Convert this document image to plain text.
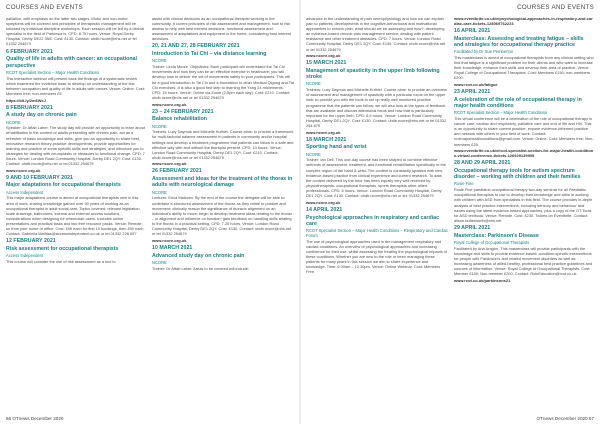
COURSES AND EVENTS	COURSES AND EVENTS

palliative, with emphasis on the latter two stages. Motor and non-motor symptoms will be covered and principles of therapeutic management will be followed by individual discipline workshops. Each session will be led by a clinical specialist in the field of Parkinson's. CPD: 8.75 hours. Venue: Royal Derby Hospital, Derby DE22 3NE. Cost: £130. Contact: uhdb.ncore@nhs.net or tel 01332 254679

6 FEBRUARY 2021

Quality of life in adults with cancer: an occupational perspective

RCOT Specialist Section – Major Health Conditions

This interactive webinar will present back the findings of a systematic review which examined the evidence base to develop an understanding of the link between occupation and quality of life in adults with cancer. Venue: Online. Cost: Members free; non-members £5.

https://bit.ly/2m6WcJ

8 FEBRUARY 2021

A study day on chronic pain

NCORE

Speaker: Dr Aftab Laher. The study day will provide an opportunity to learn about rehabilitation in the context of adults presenting with chronic pain, act as a refresher of basic knowledge and skills, give you an opportunity to share best, innovative research theory-practice developments, provide opportunities for learning and practice of some specific skills and strategies, and introduce you to strategies for dealing with neuroplastic or obstacles to functional change. CPD: 7 hours. Venue: London Road Community Hospital, Derby DE1 2QY. Cost: £130. Contact: uhdb.ncore@nhs.net or tel 01332 254679

www.ncore.org.uk

9 AND 10 FEBRUARY 2021

Major adaptations for occupational therapists

Access Independent

This major adaptations course is aimed at occupational therapists new in this area of work, sharing knowledge gained over 30 years of working as an occupational therapist in adult social care. Topics covered: relevant legislation, scale drawings, bathrooms, internal and external access solutions, considerations when designing for wheelchair users. Includes online presentations and practical tasks and two free resource packs. Venue: Remote, so from your home or office. Cost: £99 each for first 10 bookings, then £90 each. Contact: Gabriella.Mathias@accessindependent.co.uk or tel 01332 228 097

12 FEBRUARY 2021

Risk assessment for occupational therapists

Access Independent

This course will consider the use of risk assessment as a tool to

assist with clinical decisions as an occupational therapist working in the community. It covers principles of risk assessment and management, how to risk assess to help with best interest decisions, functional assessment and assessment of adaptations and equipment in the home, considering best interest decisions.

20, 21 AND 27, 28 FEBRUARY 2021

Introduction to Tai Chi – via distance learning

NCORE

Trainer: Linda Moore. Objectives: Each participant will understand the Tai Chi movements and how they can be an effective exercise in healthcare; you will develop how to deliver the set of movements safely to your participants. This will be a good introduction to Tai Chi and a foundation to other Medical Qigong and Tai Chi exercises. It is also a good first step to learning the Yang 24 movements. CPD: 15 hours. Venue: Online via Zoom (2-5pm each day). Cost: £210. Contact: uhdb.ncore@nhs.net or tel 01332 254679

www.ncore.org.uk

23 – 24 FEBRUARY 2021

Balance rehabilitation

NCORE

Trainers: Lucy Daymus and Michelle Kuthiel. Course aims: to provide a framework for multi-factorial balance assessment in patients in community and/or hospital settings and develop a treatment programme that patients can follow in a safe and effective way with and without the therapist present. CPD: 14 hours. Venue: London Road Community Hospital, Derby DE1 2QY. Cost: £210. Contact: uhdb.ncore@nhs.net or tel 01332 254679

www.ncore.org.uk

26 FEBRUARY 2021

Assessment and ideas for the treatment of the thorax in adults with neurological damage

NCORE

Lecturer: Erica Malcolm. By the end of the course the delegate will be able to: undertake a structured assessment of the thorax as they relate to posture and movement; clinically reason the significance of thoracic alignment on an individual's ability to move; begin to develop treatment ideas relating to the thorax – in alignment and influence on function; gain feedback on handling skills relating to the thorax in a practical setting. CPD: 7.25 hours. Venue: London Road Community Hospital, Derby DE1 2QY. Cost: £130. Contact: uhdb.ncore@nhs.net or tel 01332 254679

www.ncore.org.uk

10 MARCH 2021

Advanced study day on chronic pain

NCORE

Trainer: Dr Aftab Laher. Areas to be covered will include:

advances in the understanding of pain neurophysiology and how we can explain pain to patients; developments in the cognitive-behavioural and motivational approaches to chronic pain; what should we be assessing and how?; developing an evidence-based chronic pain management service; dealing with patient resistance and other treatment obstacles. CPD: 7 hours. Venue: London Road Community Hospital, Derby DE1 2QY. Cost: £130. Contact: uhdb.ncore@nhs.net or tel 01332 254679

www.ncore.org.uk

15 MARCH 2021

Management of spasticity in the upper limb following stroke

NCORE

Trainers: Lucy Daymus and Michelle Kuthiel. Course aims: to provide an overview of assessment and management of spasticity with a particular focus on the upper limb; to provide you with the tools to set up really well monitored practice programme that the patients can follow; we will also look at the types of feedback that are available and discuss attentional focus and how that is particularly important for the upper limb. CPD: 6.5 hours. Venue: London Road Community Hospital, Derby DE1 2QY. Cost: £130. Contact: uhdb.ncore@nhs.net or tel 01332 254 679

www.ncore.org.uk

18 MARCH 2021

Sporting hand and wrist

NCORE

Trainer: Ian Dell. This one-day course has been shaped to combine effective methods of assessment, treatment, and functional rehabilitation specifically to the complex region of the hand & wrist. The content is constantly updated with new evidence-based practice from clinical experience and current research. To date, the content delivered by the tutor has been equally very well received by physiotherapists, occupational therapists, sports therapists other allied professionals. CPD: 6 hours. Venue: London Road Community Hospital, Derby DE1 2QY. Cost: £130. Contact: uhdb.ncore@nhs.net or tel: 01332 254679

www.ncore.org.uk

14 APRIL 2021

Psychological approaches in respiratory and cardiac care

RCOT Specialist Section – Major Health Conditions – Respiratory and Cardiac Forum

The use of psychological approaches used in the management respiratory and cardiac conditions. An overview of psychological approaches and increasing confidence for their use, whilst assessing the treating the psychological impacts of these conditions. Whether you are new to the role or been managing these patients for many years in this session we aim to share experience and knowledge. Time: 6.00am – 12.30pm. Venue: Online Webinar. Cost: Members Free.

www.eventbrite.co.uk/e/psychological-approaches-in-respiratory-and-cardiac-care-tickets-128069762223

16 APRIL 2021

Masterclass: Assessing and treating fatigue – skills and strategies for occupational therapy practice

Facilitated by Dr Sue Pemberton

This masterclass is aimed at occupational therapists from any clinical setting who find that fatigue is a significant problem for their clients and who want to increase their knowledge, enhance their skills and develop their area of practice. Venue: Royal College of Occupational Therapists. Cost: Members £150; non-members £200.

www.rcot.co.uk/fatigue

23 APRIL 2021

A celebration of the role of occupational therapy in major health conditions

RCOT Specialist Section – Major Health Conditions

This virtual conference will be a celebration of the role of occupational therapy in cancer care, cardiac and respiratory, palliative care and end of life and HIV. This is an opportunity to share current practice, expose evidence-informed practice and network with others in your field of work. Contact: rcotmajorhealthconditions@gmail.com. Venue: Online. Cost: Members free; Non-members £25.

www.eventbrite.co.uk/e/rcot-specialist-section-for-major-health-conditions-virtual-conference-tickets-126929139905

28 AND 29 APRIL 2021

Occupational therapy tools for autism spectrum disorder – working with children and their families

Rosie Fine

Rosie Fine paediatric occupational therapy two-day seminar for all Paediatric occupational therapists to use to develop their knowledge and skills in working with children with ASD from specialists in this field. The course provides in-depth analysis of best practice interventions, including sensory and behaviour and issues using the latest evidence-based approaches, plus a copy of the OT Tools for ASD textbook. Venue: Remote. Cost: £230. Tickets on Eventbrite. Contact: alison.butterworth@nhs.net

29 APRIL 2021

Masterclass: Parkinson's Disease

Royal College of Occupational Therapists

Facilitated by Ana Aragon. This masterclass will provide participants with the knowledge and skills to provide evidence-based, condition-specific interventions for people with Parkinson's and related movement disorders as well as increasing awareness of allied-healthy, professional best practice guidelines and sources of information. Venue: Royal College of Occupational Therapists. Cost: Member £150; Non-member £200. Contact: RoleEducation@rcot.co.uk

www.rcot.co.uk/parkinsons21
66 OTnews December 2020	OTnews December 2020 67
